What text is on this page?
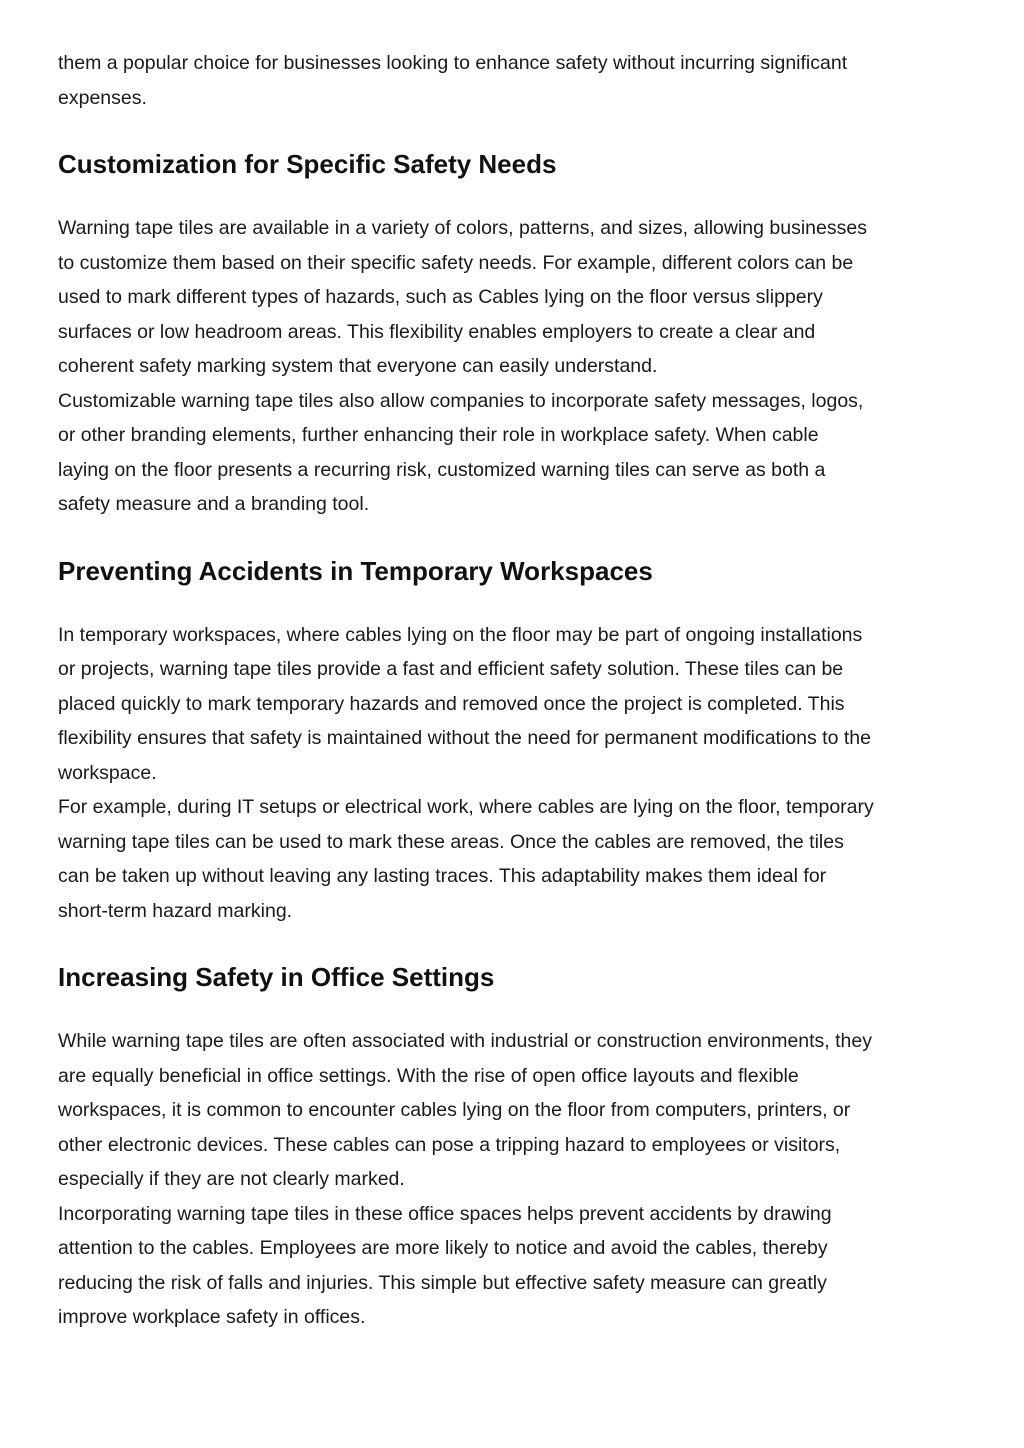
them a popular choice for businesses looking to enhance safety without incurring significant
expenses.

Customization for Specific Safety Needs

Warning tape tiles are available in a variety of colors, patterns, and sizes, allowing businesses
to customize them based on their specific safety needs. For example, different colors can be
used to mark different types of hazards, such as Cables lying on the floor versus slippery
surfaces or low headroom areas. This flexibility enables employers to create a clear and
coherent safety marking system that everyone can easily understand.

Customizable warning tape tiles also allow companies to incorporate safety messages, logos,
or other branding elements, further enhancing their role in workplace safety. When cable
laying on the floor presents a recurring risk, customized warning tiles can serve as both a
safety measure and a branding tool.

Preventing Accidents in Temporary Workspaces

In temporary workspaces, where cables lying on the floor may be part of ongoing installations
or projects, warning tape tiles provide a fast and efficient safety solution. These tiles can be
placed quickly to mark temporary hazards and removed once the project is completed. This
flexibility ensures that safety is maintained without the need for permanent modifications to the
workspace.

For example, during IT setups or electrical work, where cables are lying on the floor, temporary
warning tape tiles can be used to mark these areas. Once the cables are removed, the tiles
can be taken up without leaving any lasting traces. This adaptability makes them ideal for
short-term hazard marking.

Increasing Safety in Office Settings

While warning tape tiles are often associated with industrial or construction environments, they
are equally beneficial in office settings. With the rise of open office layouts and flexible
workspaces, it is common to encounter cables lying on the floor from computers, printers, or
other electronic devices. These cables can pose a tripping hazard to employees or visitors,
especially if they are not clearly marked.

Incorporating warning tape tiles in these office spaces helps prevent accidents by drawing
attention to the cables. Employees are more likely to notice and avoid the cables, thereby
reducing the risk of falls and injuries. This simple but effective safety measure can greatly
improve workplace safety in offices.
